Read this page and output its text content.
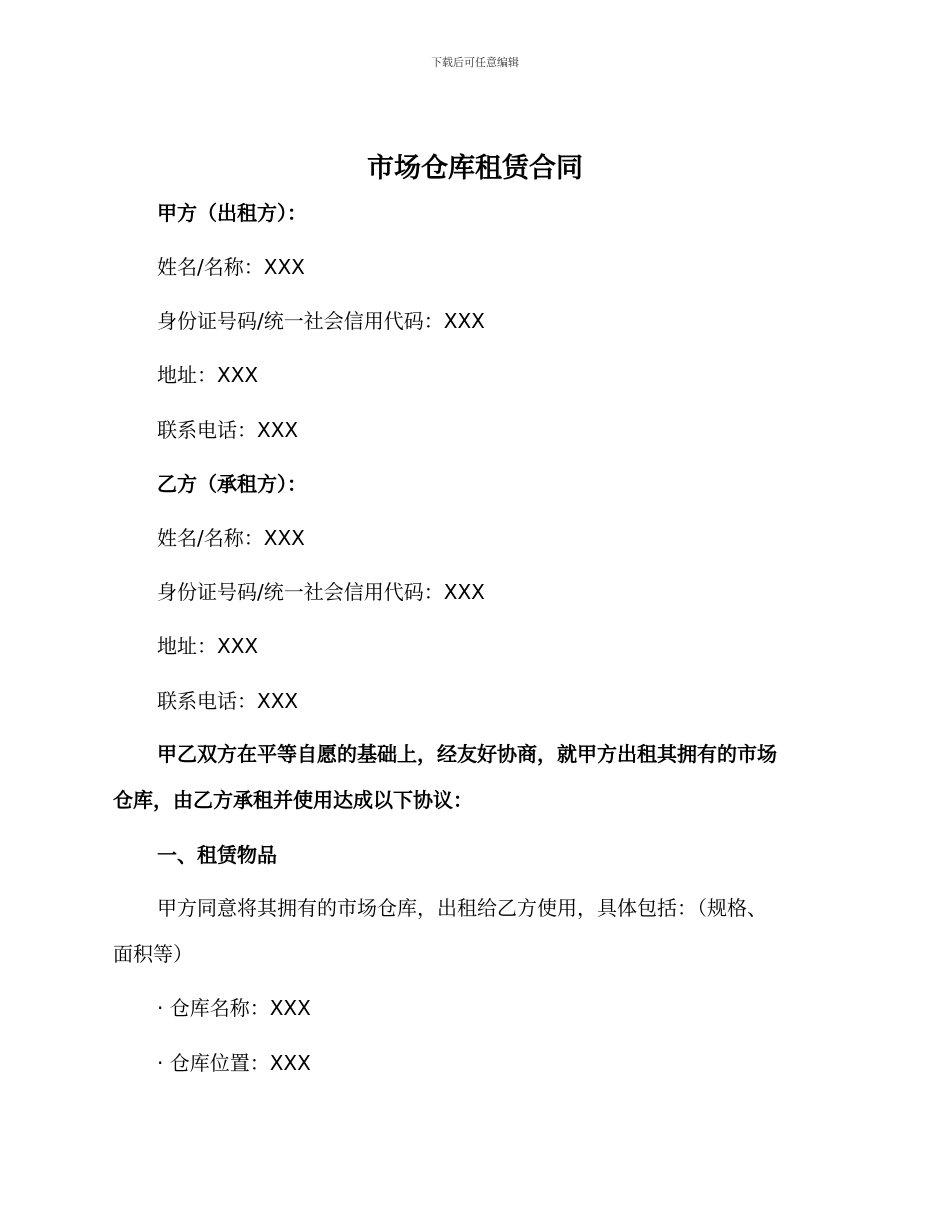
下载后可任意编辑
市场仓库租赁合同
甲方（出租方）：
姓名/名称：XXX
身份证号码/统一社会信用代码：XXX
地址：XXX
联系电话：XXX
乙方（承租方）：
姓名/名称：XXX
身份证号码/统一社会信用代码：XXX
地址：XXX
联系电话：XXX
甲乙双方在平等自愿的基础上，经友好协商，就甲方出租其拥有的市场
仓库，由乙方承租并使用达成以下协议：
一、租赁物品
甲方同意将其拥有的市场仓库，出租给乙方使用，具体包括：（规格、
面积等）
· 仓库名称：XXX
· 仓库位置：XXX
